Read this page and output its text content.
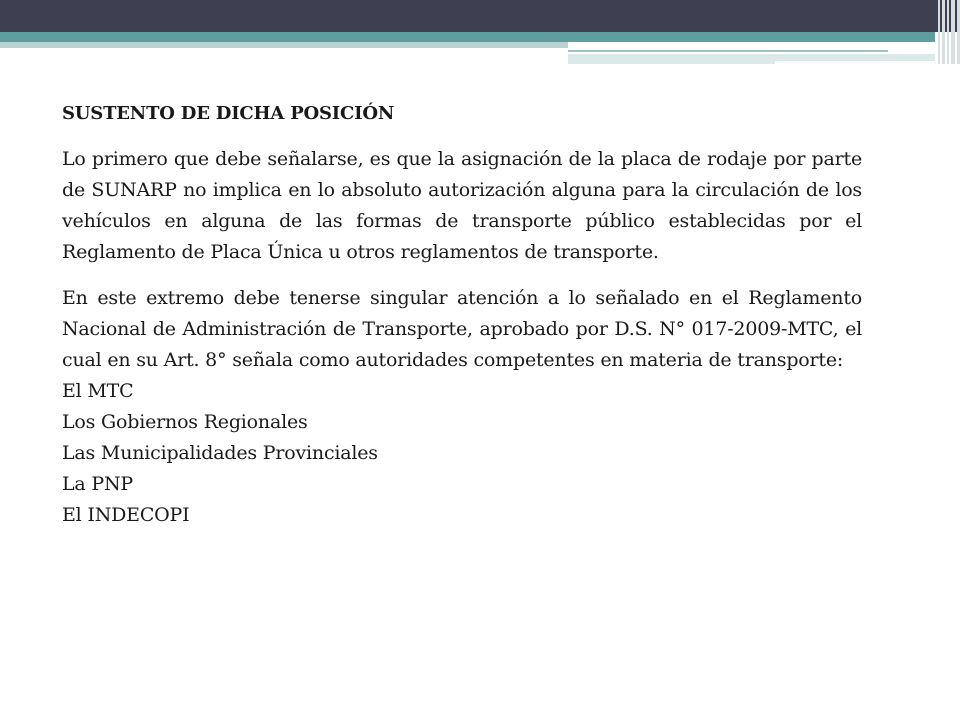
SUSTENTO DE DICHA POSICIÓN

Lo primero que debe señalarse, es que la asignación de la placa de rodaje por parte de SUNARP no implica en lo absoluto autorización alguna para la circulación de los vehículos en alguna de las formas de transporte público establecidas por el Reglamento de Placa Única u otros reglamentos de transporte.

En este extremo debe tenerse singular atención a lo señalado en el Reglamento Nacional de Administración de Transporte, aprobado por D.S. N° 017-2009-MTC, el cual en su Art. 8° señala como autoridades competentes en materia de transporte:

El MTC
Los Gobiernos Regionales
Las Municipalidades Provinciales
La PNP
El INDECOPI
